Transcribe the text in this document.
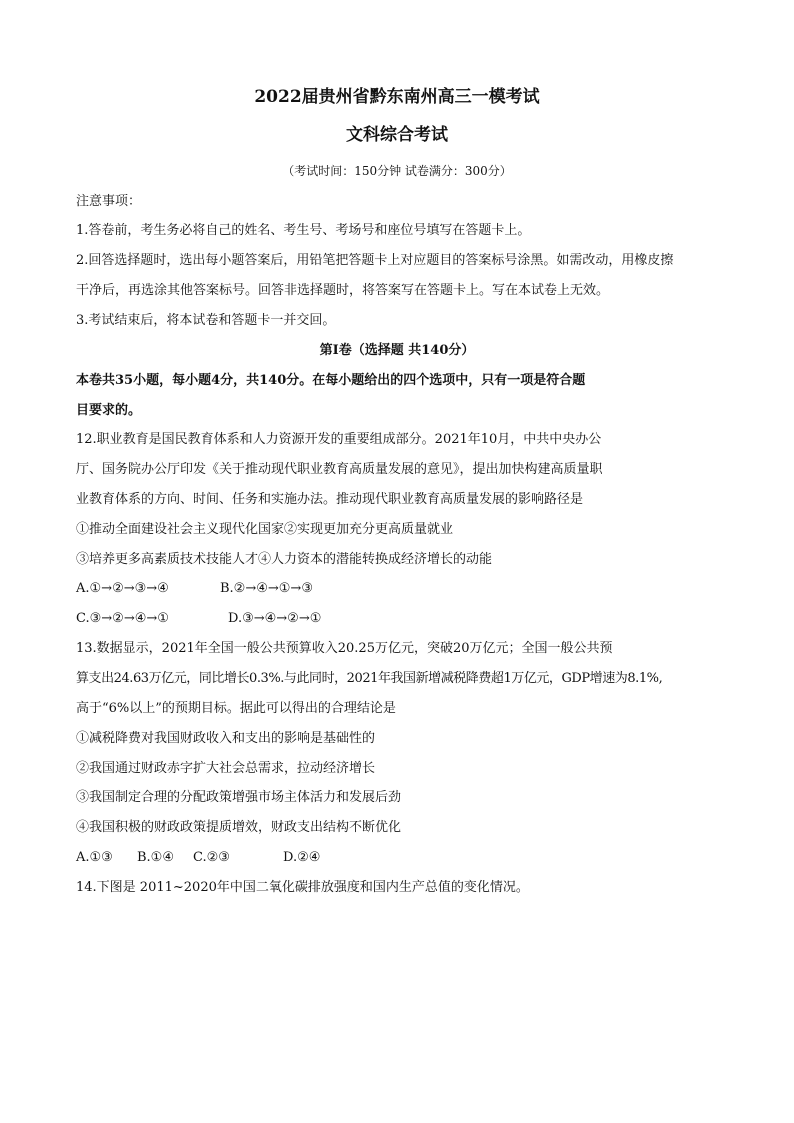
2022届贵州省黔东南州高三一模考试
文科综合考试
（考试时间：150分钟 试卷满分：300分）
注意事项：
1.答卷前，考生务必将自己的姓名、考生号、考场号和座位号填写在答题卡上。
2.回答选择题时，选出每小题答案后，用铅笔把答题卡上对应题目的答案标号涂黑。如需改动，用橡皮擦
干净后，再选涂其他答案标号。回答非选择题时，将答案写在答题卡上。写在本试卷上无效。
3.考试结束后，将本试卷和答题卡一并交回。
第I卷（选择题 共140分）
本卷共35小题，每小题4分，共140分。在每小题给出的四个选项中，只有一项是符合题
目要求的。
12.职业教育是国民教育体系和人力资源开发的重要组成部分。2021年10月，中共中央办公
厅、国务院办公厅印发《关于推动现代职业教育高质量发展的意见》，提出加快构建高质量职
业教育体系的方向、时间、任务和实施办法。推动现代职业教育高质量发展的影响路径是
①推动全面建设社会主义现代化国家②实现更加充分更高质量就业
③培养更多高素质技术技能人才④人力资本的潜能转换成经济增长的动能
A.①→②→③→④	B.②→④→①→③
C.③→②→④→①	D.③→④→②→①
13.数据显示，2021年全国一般公共预算收入20.25万亿元，突破20万亿元；全国一般公共预
算支出24.63万亿元，同比增长0.3%.与此同时，2021年我国新增减税降费超1万亿元，GDP增速为8.1%,
高于“6%以上”的预期目标。据此可以得出的合理结论是
①减税降费对我国财政收入和支出的影响是基础性的
②我国通过财政赤字扩大社会总需求，拉动经济增长
③我国制定合理的分配政策增强市场主体活力和发展后劲
④我国积极的财政政策提质增效，财政支出结构不断优化
A.①③ B.①④ C.②③	D.②④
14.下图是 2011~2020年中国二氧化碳排放强度和国内生产总值的变化情况。
